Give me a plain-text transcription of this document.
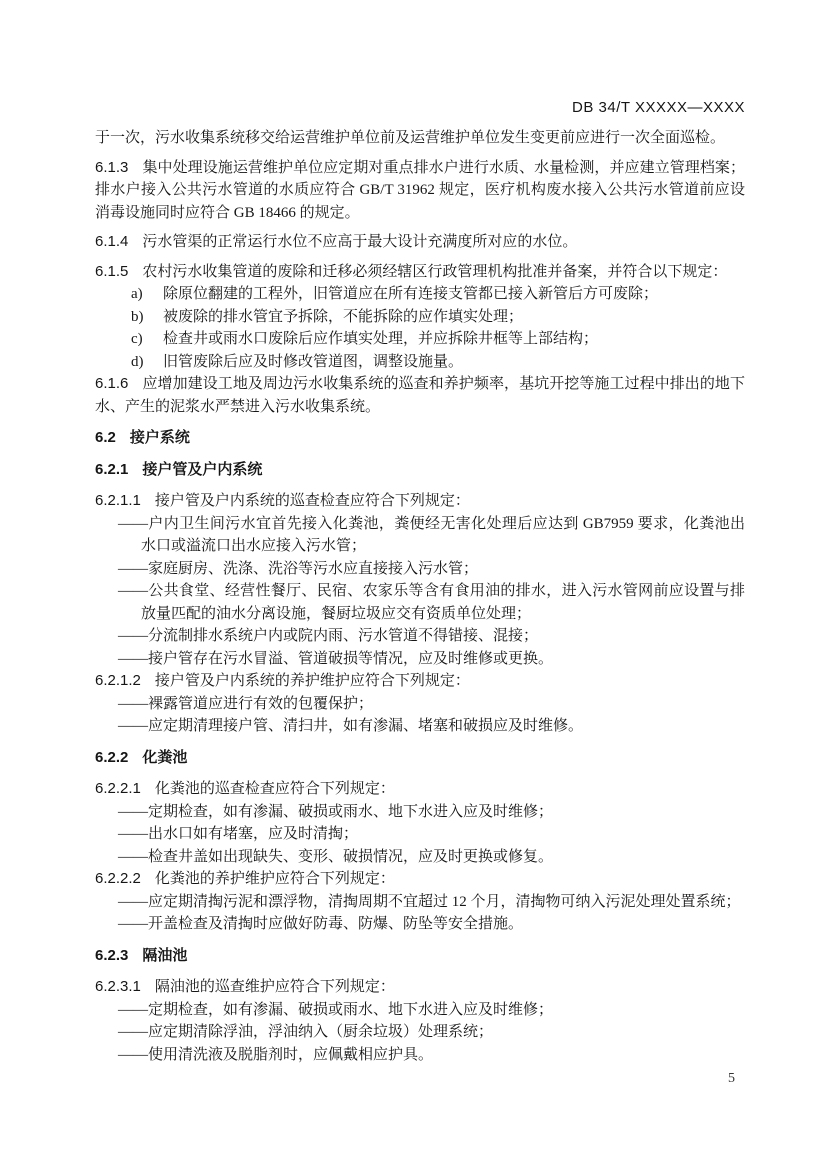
DB 34/T XXXXX—XXXX
于一次，污水收集系统移交给运营维护单位前及运营维护单位发生变更前应进行一次全面巡检。
6.1.3 集中处理设施运营维护单位应定期对重点排水户进行水质、水量检测，并应建立管理档案；排水户接入公共污水管道的水质应符合 GB/T 31962 规定，医疗机构废水接入公共污水管道前应设消毒设施同时应符合 GB 18466 的规定。
6.1.4 污水管渠的正常运行水位不应高于最大设计充满度所对应的水位。
6.1.5 农村污水收集管道的废除和迁移必须经辖区行政管理机构批准并备案，并符合以下规定：
a) 除原位翻建的工程外，旧管道应在所有连接支管都已接入新管后方可废除；
b) 被废除的排水管宜予拆除，不能拆除的应作填实处理；
c) 检查井或雨水口废除后应作填实处理，并应拆除井框等上部结构；
d) 旧管废除后应及时修改管道图，调整设施量。
6.1.6 应增加建设工地及周边污水收集系统的巡查和养护频率，基坑开挖等施工过程中排出的地下水、产生的泥浆水严禁进入污水收集系统。
6.2 接户系统
6.2.1 接户管及户内系统
6.2.1.1 接户管及户内系统的巡查检查应符合下列规定：
——户内卫生间污水宜首先接入化粪池，粪便经无害化处理后应达到 GB7959 要求，化粪池出水口或溢流口出水应接入污水管；
——家庭厨房、洗涤、洗浴等污水应直接接入污水管；
——公共食堂、经营性餐厅、民宿、农家乐等含有食用油的排水，进入污水管网前应设置与排放量匹配的油水分离设施，餐厨垃圾应交有资质单位处理；
——分流制排水系统户内或院内雨、污水管道不得错接、混接；
——接户管存在污水冒溢、管道破损等情况，应及时维修或更换。
6.2.1.2 接户管及户内系统的养护维护应符合下列规定：
——裸露管道应进行有效的包覆保护；
——应定期清理接户管、清扫井，如有渗漏、堵塞和破损应及时维修。
6.2.2 化粪池
6.2.2.1 化粪池的巡查检查应符合下列规定：
——定期检查，如有渗漏、破损或雨水、地下水进入应及时维修；
——出水口如有堵塞，应及时清掏；
——检查井盖如出现缺失、变形、破损情况，应及时更换或修复。
6.2.2.2 化粪池的养护维护应符合下列规定：
——应定期清掏污泥和漂浮物，清掏周期不宜超过 12 个月，清掏物可纳入污泥处理处置系统；
——开盖检查及清掏时应做好防毒、防爆、防坠等安全措施。
6.2.3 隔油池
6.2.3.1 隔油池的巡查维护应符合下列规定：
——定期检查，如有渗漏、破损或雨水、地下水进入应及时维修；
——应定期清除浮油，浮油纳入（厨余垃圾）处理系统；
——使用清洗液及脱脂剂时，应佩戴相应护具。
5
